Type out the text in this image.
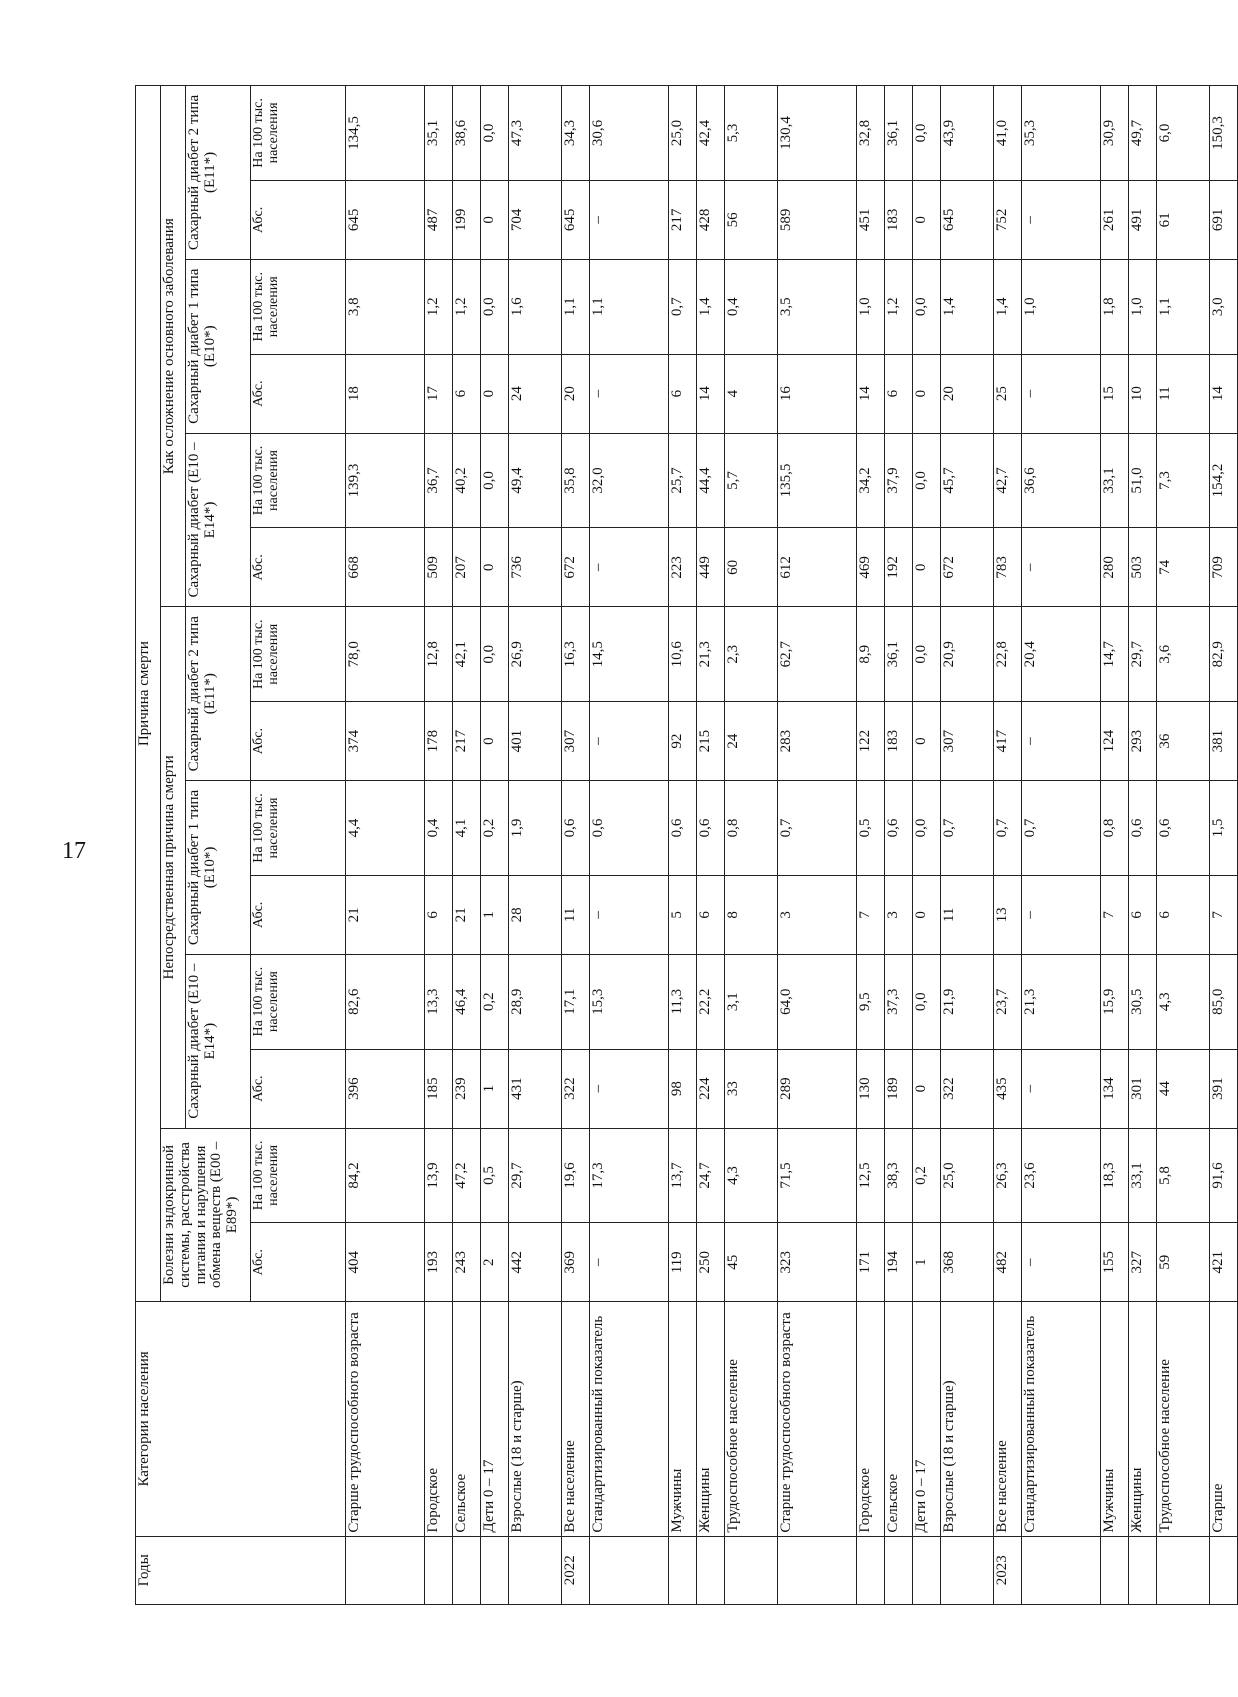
17
Годы	Категории населения	Причина смерти													
		Болезни эндокринной системы, расстройства питания и нарушения обмена веществ (E00 – E89*)		Непосредственная причина смерти						Как осложнение основного заболевания					
				Сахарный диабет (E10 – E14*)		Сахарный диабет 1 типа (E10*)		Сахарный диабет 2 типа (E11*)		Сахарный диабет (E10 – E14*)		Сахарный диабет 1 типа (E10*)		Сахарный диабет 2 типа (E11*)	
		Абс.	На 100 тыс. населения	Абс.	На 100 тыс. населения	Абс.	На 100 тыс. населения	Абс.	На 100 тыс. населения	Абс.	На 100 тыс. населения	Абс.	На 100 тыс. населения	Абс.	На 100 тыс. населения
	Старше трудоспособного возраста	404	84,2	396	82,6	21	4,4	374	78,0	668	139,3	18	3,8	645	134,5
	Городское	193	13,9	185	13,3	6	0,4	178	12,8	509	36,7	17	1,2	487	35,1
	Сельское	243	47,2	239	46,4	21	4,1	217	42,1	207	40,2	6	1,2	199	38,6
	Дети 0 – 17	2	0,5	1	0,2	1	0,2	0	0,0	0	0,0	0	0,0	0	0,0
	Взрослые (18 и старше)	442	29,7	431	28,9	28	1,9	401	26,9	736	49,4	24	1,6	704	47,3
2022	Все население	369	19,6	322	17,1	11	0,6	307	16,3	672	35,8	20	1,1	645	34,3
	Стандартизированный показатель	–	17,3	–	15,3	–	0,6	–	14,5	–	32,0	–	1,1	–	30,6
	Мужчины	119	13,7	98	11,3	5	0,6	92	10,6	223	25,7	6	0,7	217	25,0
	Женщины	250	24,7	224	22,2	6	0,6	215	21,3	449	44,4	14	1,4	428	42,4
	Трудоспособное население	45	4,3	33	3,1	8	0,8	24	2,3	60	5,7	4	0,4	56	5,3
	Старше трудоспособного возраста	323	71,5	289	64,0	3	0,7	283	62,7	612	135,5	16	3,5	589	130,4
	Городское	171	12,5	130	9,5	7	0,5	122	8,9	469	34,2	14	1,0	451	32,8
	Сельское	194	38,3	189	37,3	3	0,6	183	36,1	192	37,9	6	1,2	183	36,1
	Дети 0 – 17	1	0,2	0	0,0	0	0,0	0	0,0	0	0,0	0	0,0	0	0,0
	Взрослые (18 и старше)	368	25,0	322	21,9	11	0,7	307	20,9	672	45,7	20	1,4	645	43,9
2023	Все население	482	26,3	435	23,7	13	0,7	417	22,8	783	42,7	25	1,4	752	41,0
	Стандартизированный показатель	–	23,6	–	21,3	–	0,7	–	20,4	–	36,6	–	1,0	–	35,3
	Мужчины	155	18,3	134	15,9	7	0,8	124	14,7	280	33,1	15	1,8	261	30,9
	Женщины	327	33,1	301	30,5	6	0,6	293	29,7	503	51,0	10	1,0	491	49,7
	Трудоспособное население	59	5,8	44	4,3	6	0,6	36	3,6	74	7,3	11	1,1	61	6,0
	Старше	421	91,6	391	85,0	7	1,5	381	82,9	709	154,2	14	3,0	691	150,3
